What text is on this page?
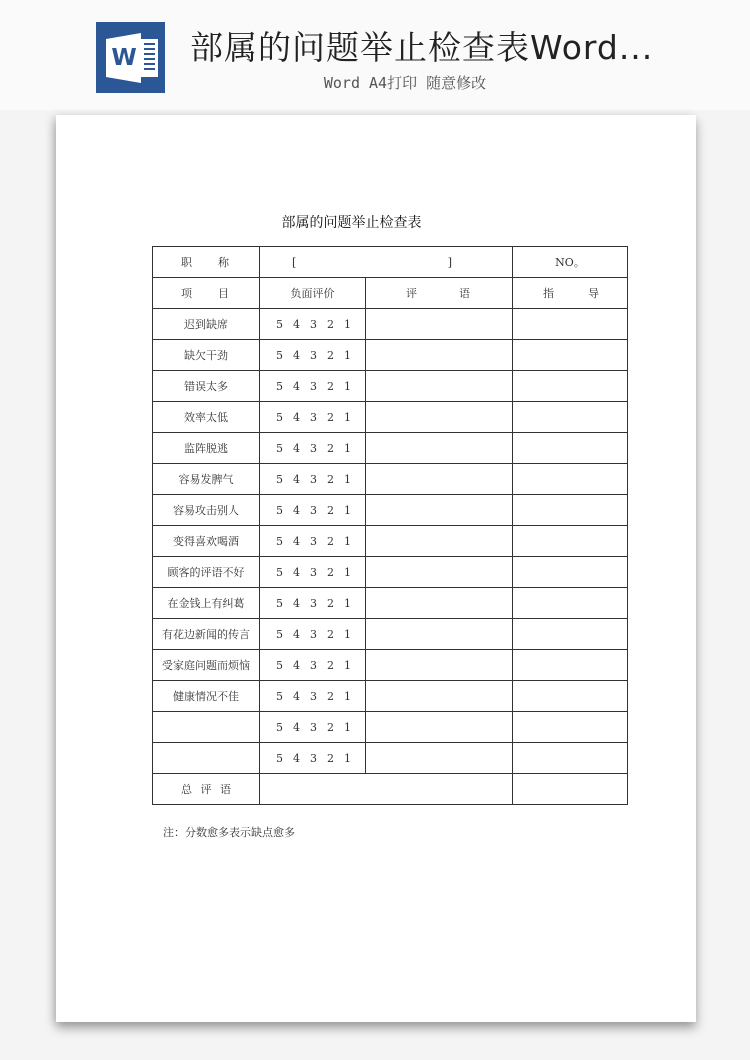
W 部属的问题举止检查表Word...
Word A4打印 随意修改
部属的问题举止检查表
职 称	[ ]		NO。

项 目	负面评价	评 语	指 导

迟到缺席	5 4 3 2 1		

缺欠干劲	5 4 3 2 1		

错误太多	5 4 3 2 1		

效率太低	5 4 3 2 1		

监阵脱逃	5 4 3 2 1		

容易发脾气	5 4 3 2 1		

容易攻击别人	5 4 3 2 1		

变得喜欢喝酒	5 4 3 2 1		

顾客的评语不好	5 4 3 2 1		

在金钱上有纠葛	5 4 3 2 1		

有花边新闻的传言	5 4 3 2 1		

受家庭问题而烦恼	5 4 3 2 1		

健康情况不佳	5 4 3 2 1		

	5 4 3 2 1		

	5 4 3 2 1		

总 评 语			

注：分数愈多表示缺点愈多
